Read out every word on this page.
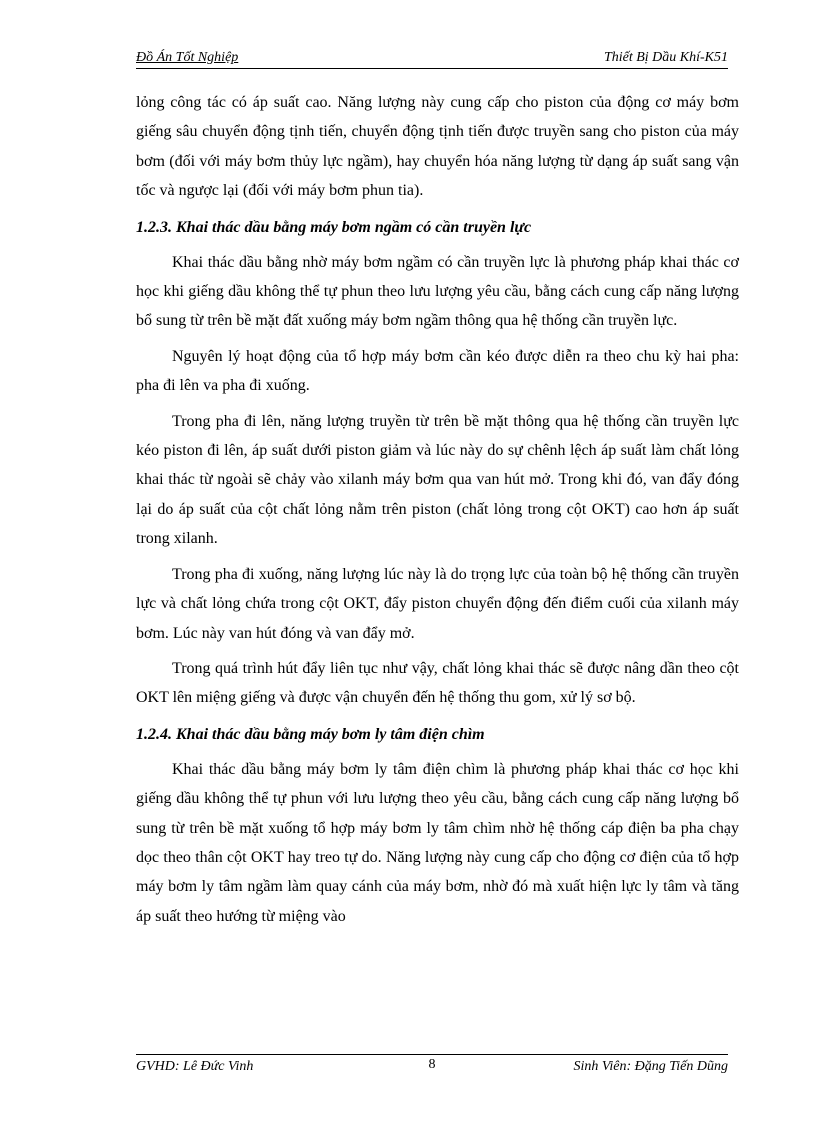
Đồ Án Tốt Nghiệp	Thiết Bị Dầu Khí-K51

lỏng công tác có áp suất cao. Năng lượng này cung cấp cho piston của động cơ máy bơm giếng sâu chuyển động tịnh tiến, chuyển động tịnh tiến được truyền sang cho piston của máy bơm (đối với máy bơm thủy lực ngầm), hay chuyển hóa năng lượng từ dạng áp suất sang vận tốc và ngược lại (đối với máy bơm phun tia).

1.2.3. Khai thác dầu bằng máy bơm ngầm có cần truyền lực

Khai thác dầu bằng nhờ máy bơm ngầm có cần truyền lực là phương pháp khai thác cơ học khi giếng dầu không thể tự phun theo lưu lượng yêu cầu, bằng cách cung cấp năng lượng bổ sung từ trên bề mặt đất xuống máy bơm ngầm thông qua hệ thống cần truyền lực.

Nguyên lý hoạt động của tổ hợp máy bơm cần kéo được diễn ra theo chu kỳ hai pha: pha đi lên va pha đi xuống.

Trong pha đi lên, năng lượng truyền từ trên bề mặt thông qua hệ thống cần truyền lực kéo piston đi lên, áp suất dưới piston giảm và lúc này do sự chênh lệch áp suất làm chất lỏng khai thác từ ngoài sẽ chảy vào xilanh máy bơm qua van hút mở. Trong khi đó, van đẩy đóng lại do áp suất của cột chất lỏng nằm trên piston (chất lỏng trong cột OKT) cao hơn áp suất trong xilanh.

Trong pha đi xuống, năng lượng lúc này là do trọng lực của toàn bộ hệ thống cần truyền lực và chất lỏng chứa trong cột OKT, đẩy piston chuyển động đến điểm cuối của xilanh máy bơm. Lúc này van hút đóng và van đẩy mở.

Trong quá trình hút đẩy liên tục như vậy, chất lỏng khai thác sẽ được nâng dần theo cột OKT lên miệng giếng và được vận chuyển đến hệ thống thu gom, xử lý sơ bộ.

1.2.4. Khai thác dầu bằng máy bơm ly tâm điện chìm

Khai thác dầu bằng máy bơm ly tâm điện chìm là phương pháp khai thác cơ học khi giếng dầu không thể tự phun với lưu lượng theo yêu cầu, bằng cách cung cấp năng lượng bổ sung từ trên bề mặt xuống tổ hợp máy bơm ly tâm chìm nhờ hệ thống cáp điện ba pha chạy dọc theo thân cột OKT hay treo tự do. Năng lượng này cung cấp cho động cơ điện của tổ hợp máy bơm ly tâm ngầm làm quay cánh của máy bơm, nhờ đó mà xuất hiện lực ly tâm và tăng áp suất theo hướng từ miệng vào

GVHD: Lê Đức Vinh	8	Sinh Viên: Đặng Tiến Dũng
